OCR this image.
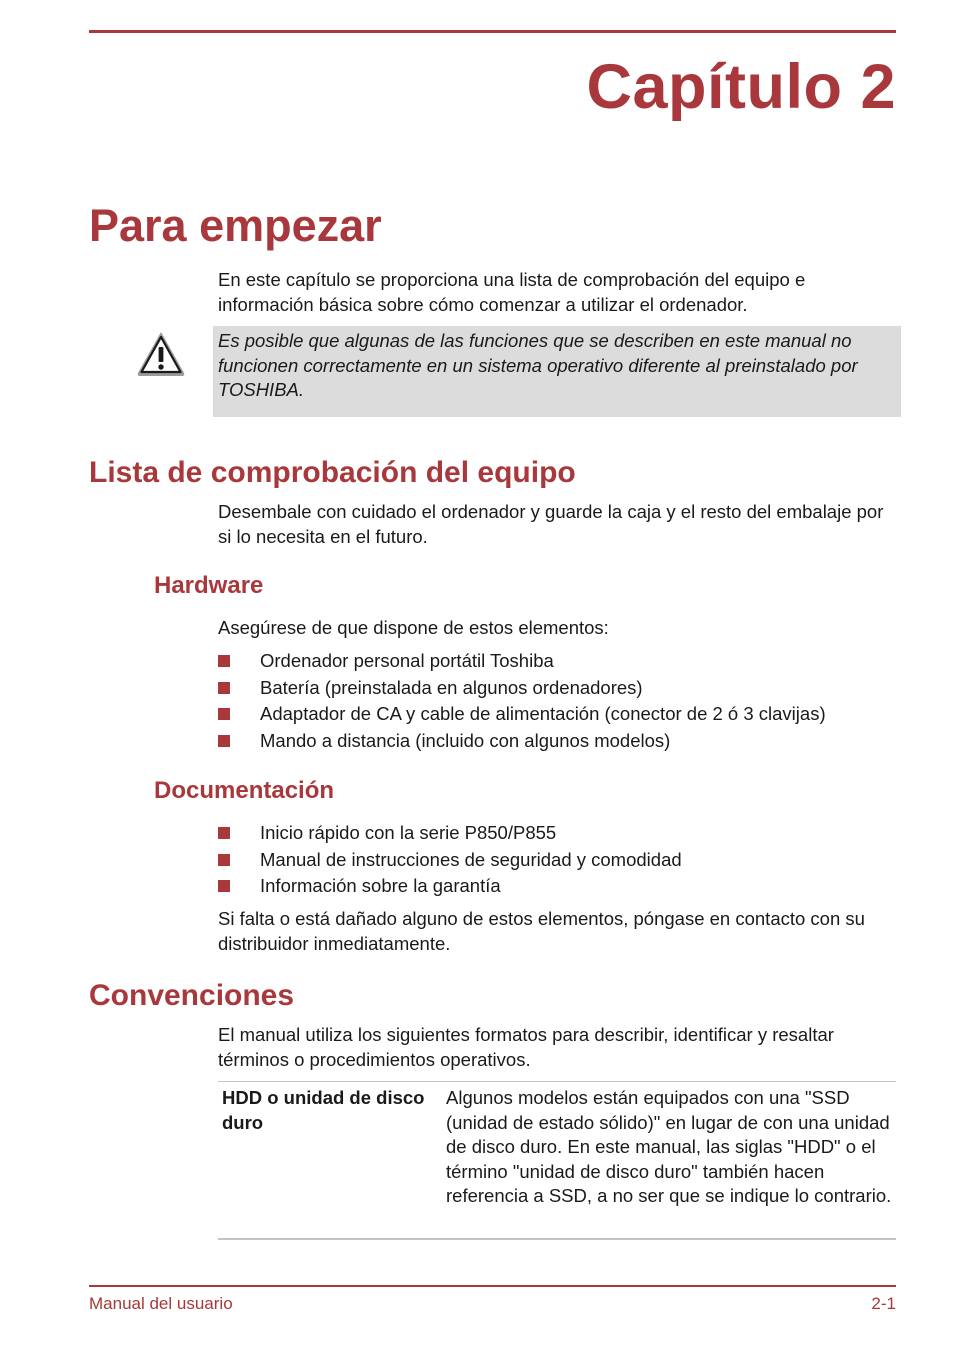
Capítulo 2
Para empezar
En este capítulo se proporciona una lista de comprobación del equipo e información básica sobre cómo comenzar a utilizar el ordenador.
Es posible que algunas de las funciones que se describen en este manual no funcionen correctamente en un sistema operativo diferente al preinstalado por TOSHIBA.
Lista de comprobación del equipo
Desembale con cuidado el ordenador y guarde la caja y el resto del embalaje por si lo necesita en el futuro.
Hardware
Asegúrese de que dispone de estos elementos:
Ordenador personal portátil Toshiba
Batería (preinstalada en algunos ordenadores)
Adaptador de CA y cable de alimentación (conector de 2 ó 3 clavijas)
Mando a distancia (incluido con algunos modelos)
Documentación
Inicio rápido con la serie P850/P855
Manual de instrucciones de seguridad y comodidad
Información sobre la garantía
Si falta o está dañado alguno de estos elementos, póngase en contacto con su distribuidor inmediatamente.
Convenciones
El manual utiliza los siguientes formatos para describir, identificar y resaltar términos o procedimientos operativos.
HDD o unidad de disco duro
Algunos modelos están equipados con una "SSD (unidad de estado sólido)" en lugar de con una unidad de disco duro. En este manual, las siglas "HDD" o el término "unidad de disco duro" también hacen referencia a SSD, a no ser que se indique lo contrario.
Manual del usuario	2-1
